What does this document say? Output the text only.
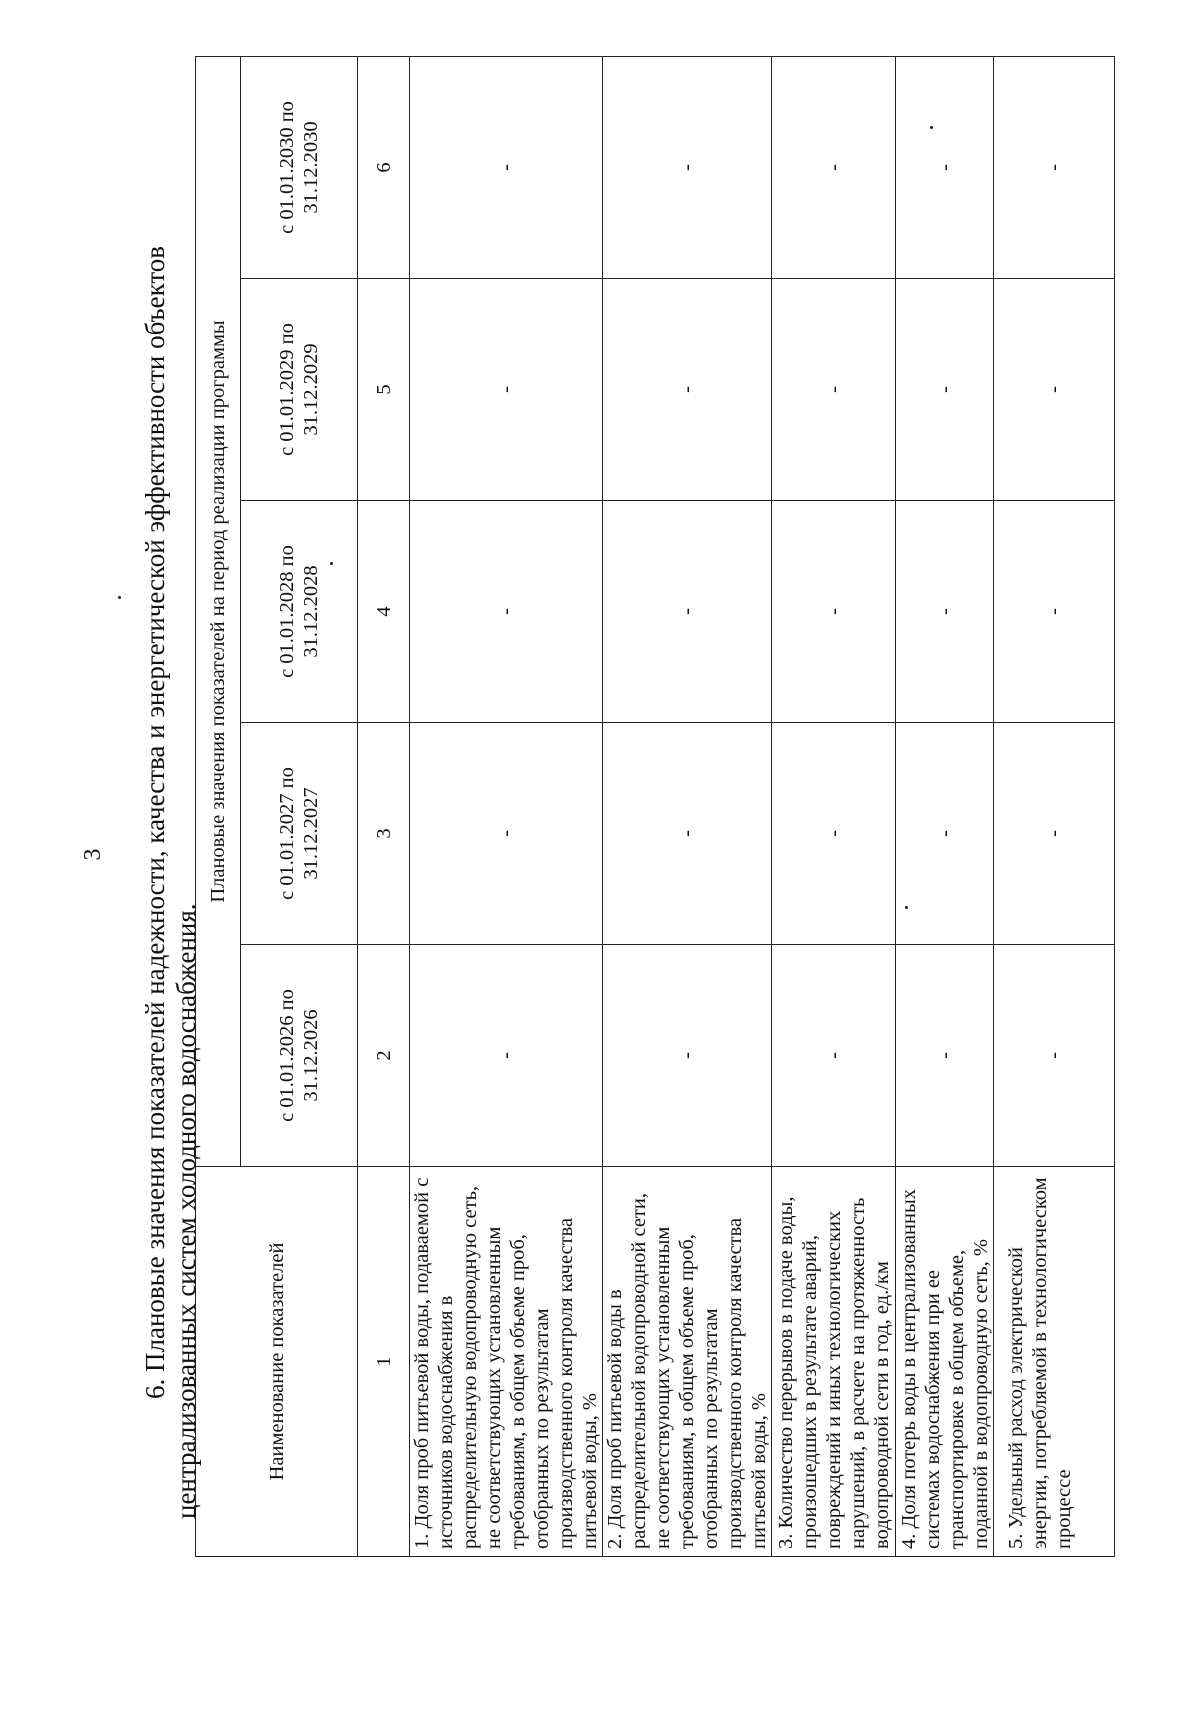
3 6. Плановые значения показателей надежности, качества и энергетической эффективности объектов централизованных систем холодного водоснабжения.	Наименование показателей	Плановые значения показателей на период реализации программы				
	с 01.01.2026 по 31.12.2026	с 01.01.2027 по 31.12.2027	с 01.01.2028 по 31.12.2028	с 01.01.2029 по 31.12.2029	с 01.01.2030 по 31.12.2030
1	2	3	4	5	6
1. Доля проб питьевой воды, подаваемой с источников водоснабжения в распределительную водопроводную сеть, не соответствующих установленным требованиям, в общем объеме проб, отобранных по результатам производственного контроля качества питьевой воды, %	-	-	-	-	-
2. Доля проб питьевой воды в распределительной водопроводной сети, не соответствующих установленным требованиям, в общем объеме проб, отобранных по результатам производственного контроля качества питьевой воды, %	-	-	-	-	-
3. Количество перерывов в подаче воды, произошедших в результате аварий, повреждений и иных технологических нарушений, в расчете на протяженность водопроводной сети в год, ед./км	-	-	-	-	-
4. Доля потерь воды в централизованных системах водоснабжения при ее транспортировке в общем объеме, поданной в водопроводную сеть, %	-	-	-	-	-
5. Удельный расход электрической энергии, потребляемой в технологическом процессе	-	-	-	-	-
